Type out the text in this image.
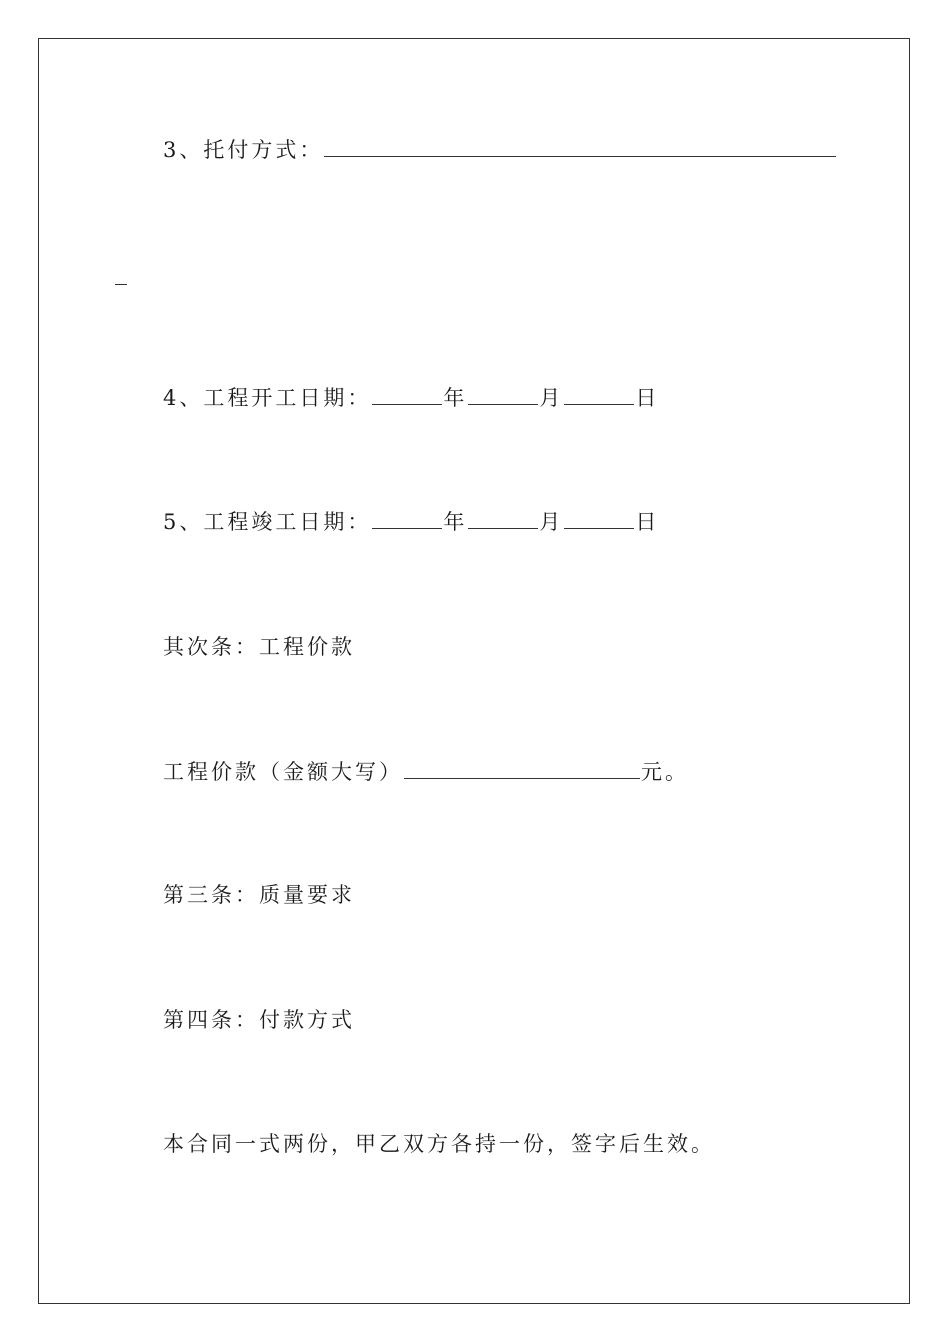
3、托付方式：
4、工程开工日期：	年	月	日
5、工程竣工日期：	年	月	日
其次条：工程价款
工程价款（金额大写）	元。
第三条：质量要求
第四条：付款方式
本合同一式两份，甲乙双方各持一份，签字后生效。
